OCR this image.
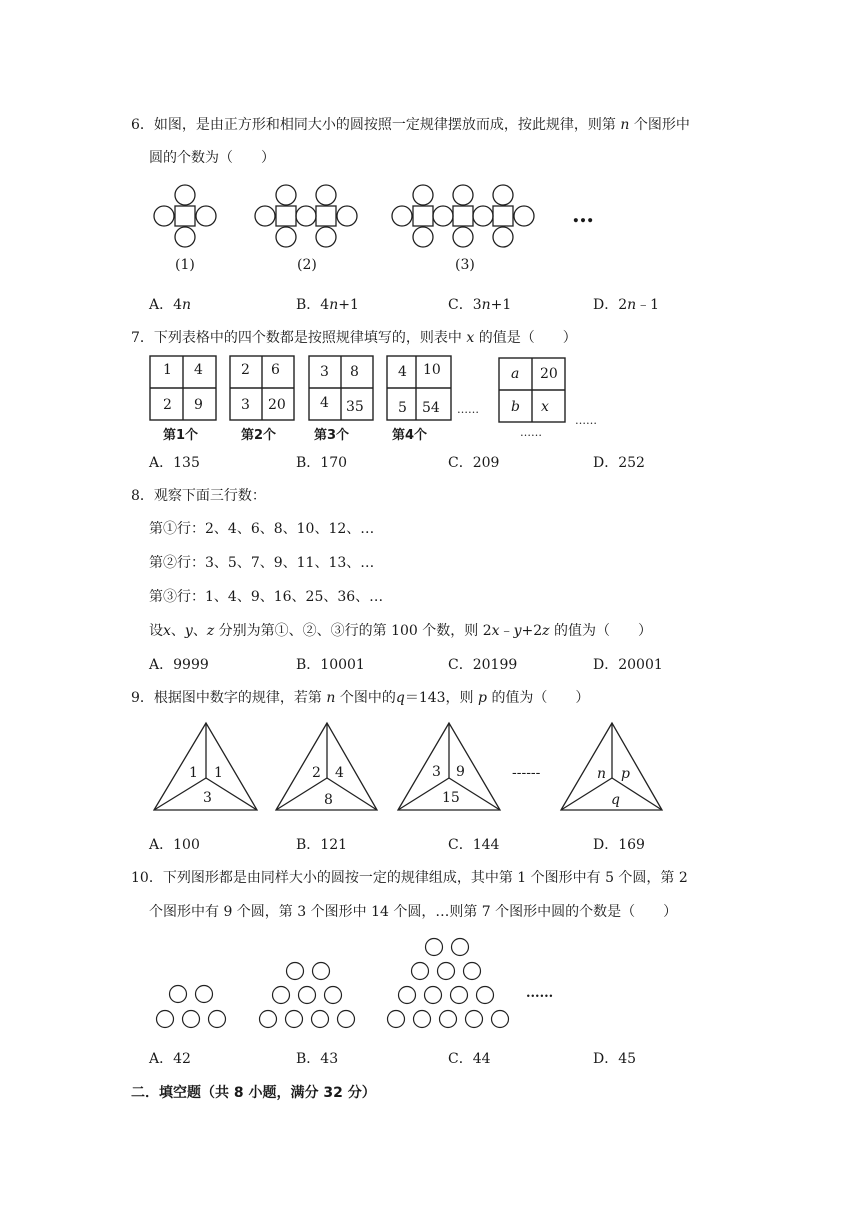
6．如图，是由正方形和相同大小的圆按照一定规律摆放而成，按此规律，则第 n 个图形中
圆的个数为（　　）
(1)	(2)	(3)
…
A．4n	B．4n+1	C．3n+1	D．2n﹣1
7．下列表格中的四个数都是按照规律填写的，则表中 x 的值是（　　）
1 4
2 9
第1个
2 6
3 20
第2个
3 8
4 35
第3个
4 10
5 54
第4个
a 20
b x
……
……
……
A．135	B．170	C．209	D．252
8．观察下面三行数：
第①行：2、4、6、8、10、12、…
第②行：3、5、7、9、11、13、…
第③行：1、4、9、16、25、36、…
设x、y、z 分别为第①、②、③行的第 100 个数，则 2x﹣y+2z 的值为（　　）
A．9999	B．10001	C．20199	D．20001
9．根据图中数字的规律，若第 n 个图中的q＝143，则 p 的值为（　　）
1 1
3
2 4
8
3 9
15
n p
q
------
A．100	B．121	C．144	D．169
10．下列图形都是由同样大小的圆按一定的规律组成，其中第 1 个图形中有 5 个圆，第 2
个图形中有 9 个圆，第 3 个图形中 14 个圆，…则第 7 个图形中圆的个数是（　　）
......
A．42	B．43	C．44	D．45
二．填空题（共 8 小题，满分 32 分）
